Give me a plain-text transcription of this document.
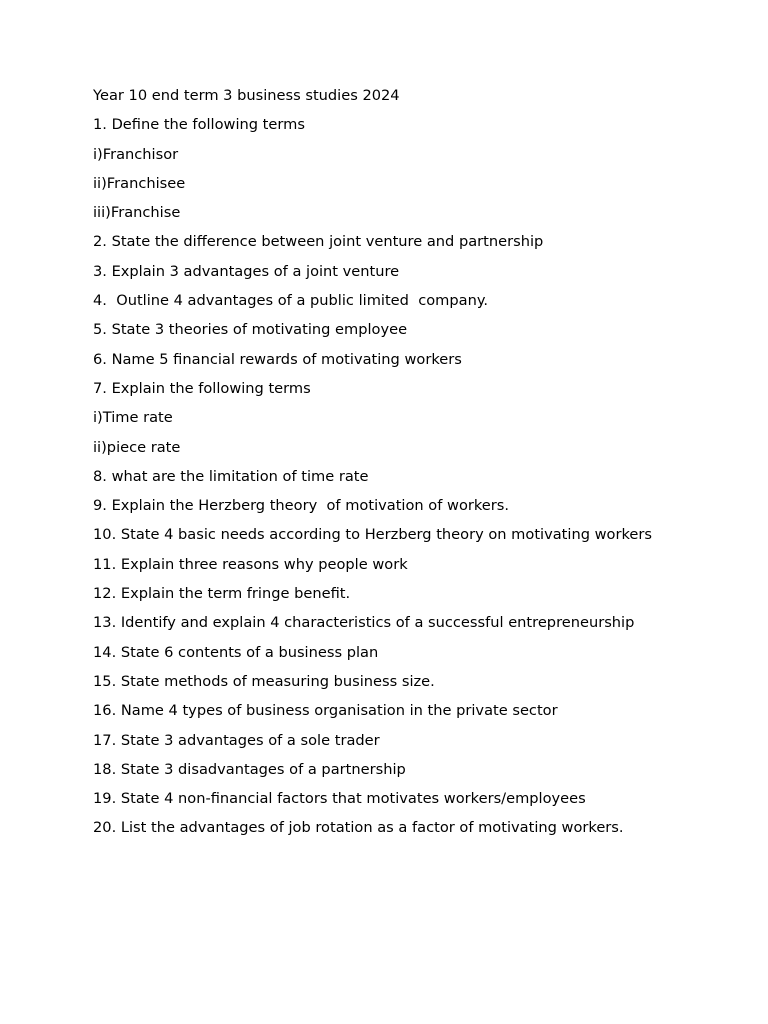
Year 10 end term 3 business studies 2024
1. Define the following terms
i)Franchisor
ii)Franchisee
iii)Franchise
2. State the difference between joint venture and partnership
3. Explain 3 advantages of a joint venture
4.  Outline 4 advantages of a public limited  company.
5. State 3 theories of motivating employee
6. Name 5 financial rewards of motivating workers
7. Explain the following terms
i)Time rate
ii)piece rate
8. what are the limitation of time rate
9. Explain the Herzberg theory  of motivation of workers.
10. State 4 basic needs according to Herzberg theory on motivating workers
11. Explain three reasons why people work
12. Explain the term fringe benefit.
13. Identify and explain 4 characteristics of a successful entrepreneurship
14. State 6 contents of a business plan
15. State methods of measuring business size.
16. Name 4 types of business organisation in the private sector
17. State 3 advantages of a sole trader
18. State 3 disadvantages of a partnership
19. State 4 non-financial factors that motivates workers/employees
20. List the advantages of job rotation as a factor of motivating workers.
